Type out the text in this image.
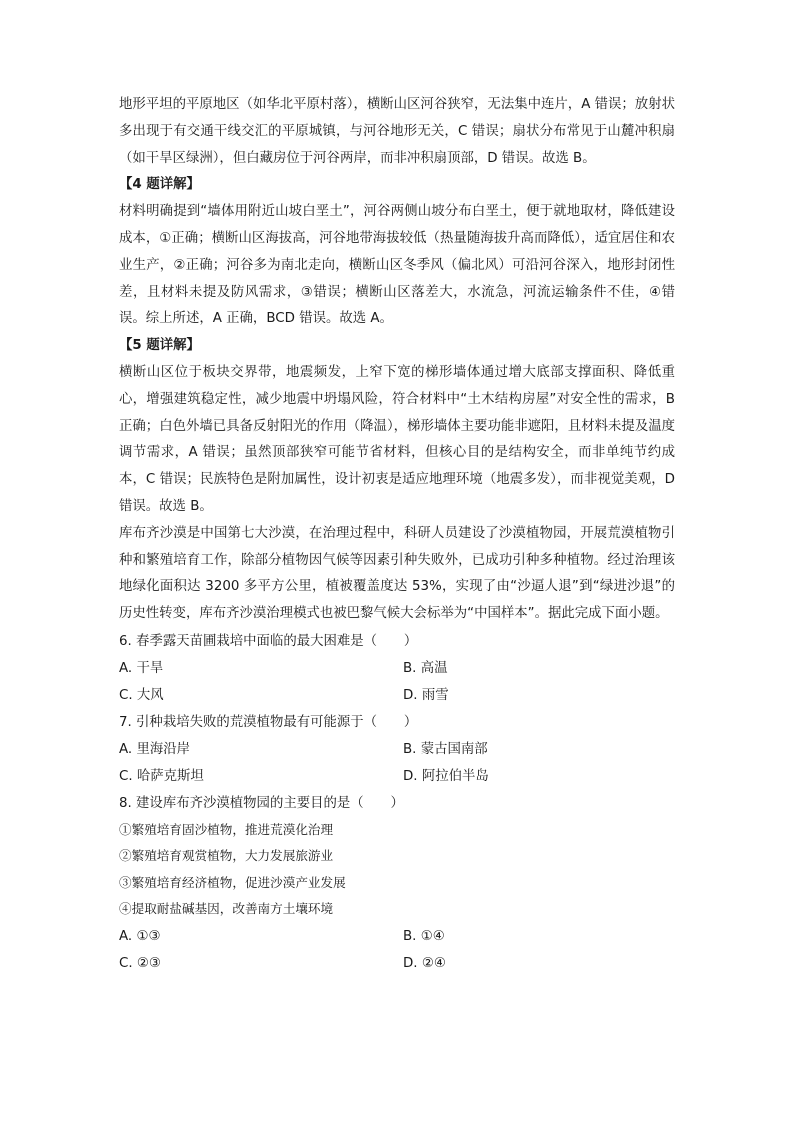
地形平坦的平原地区（如华北平原村落），横断山区河谷狭窄，无法集中连片，A 错误；放射状多出现于有交通干线交汇的平原城镇，与河谷地形无关，C 错误；扇状分布常见于山麓冲积扇（如干旱区绿洲），但白藏房位于河谷两岸，而非冲积扇顶部，D 错误。故选 B。

【4 题详解】

材料明确提到“墙体用附近山坡白垩土”，河谷两侧山坡分布白垩土，便于就地取材，降低建设成本，①正确；横断山区海拔高，河谷地带海拔较低（热量随海拔升高而降低），适宜居住和农业生产，②正确；河谷多为南北走向，横断山区冬季风（偏北风）可沿河谷深入，地形封闭性差，且材料未提及防风需求，③错误；横断山区落差大，水流急，河流运输条件不佳，④错误。综上所述，A 正确，BCD 错误。故选 A。

【5 题详解】

横断山区位于板块交界带，地震频发，上窄下宽的梯形墙体通过增大底部支撑面积、降低重心，增强建筑稳定性，减少地震中坍塌风险，符合材料中“土木结构房屋”对安全性的需求，B 正确；白色外墙已具备反射阳光的作用（降温），梯形墙体主要功能非遮阳，且材料未提及温度调节需求，A 错误；虽然顶部狭窄可能节省材料，但核心目的是结构安全，而非单纯节约成本，C 错误；民族特色是附加属性，设计初衷是适应地理环境（地震多发），而非视觉美观，D 错误。故选 B。

库布齐沙漠是中国第七大沙漠，在治理过程中，科研人员建设了沙漠植物园，开展荒漠植物引种和繁殖培育工作，除部分植物因气候等因素引种失败外，已成功引种多种植物。经过治理该地绿化面积达 3200 多平方公里，植被覆盖度达 53%，实现了由“沙逼人退”到“绿进沙退”的历史性转变，库布齐沙漠治理模式也被巴黎气候大会标举为“中国样本”。据此完成下面小题。

6. 春季露天苗圃栽培中面临的最大困难是（　　）

A. 干旱	B. 高温
C. 大风	D. 雨雪

7. 引种栽培失败的荒漠植物最有可能源于（　　）

A. 里海沿岸	B. 蒙古国南部
C. 哈萨克斯坦	D. 阿拉伯半岛

8. 建设库布齐沙漠植物园的主要目的是（　　）

①繁殖培育固沙植物，推进荒漠化治理

②繁殖培育观赏植物，大力发展旅游业

③繁殖培育经济植物，促进沙漠产业发展

④提取耐盐碱基因，改善南方土壤环境

A. ①③	B. ①④
C. ②③	D. ②④
